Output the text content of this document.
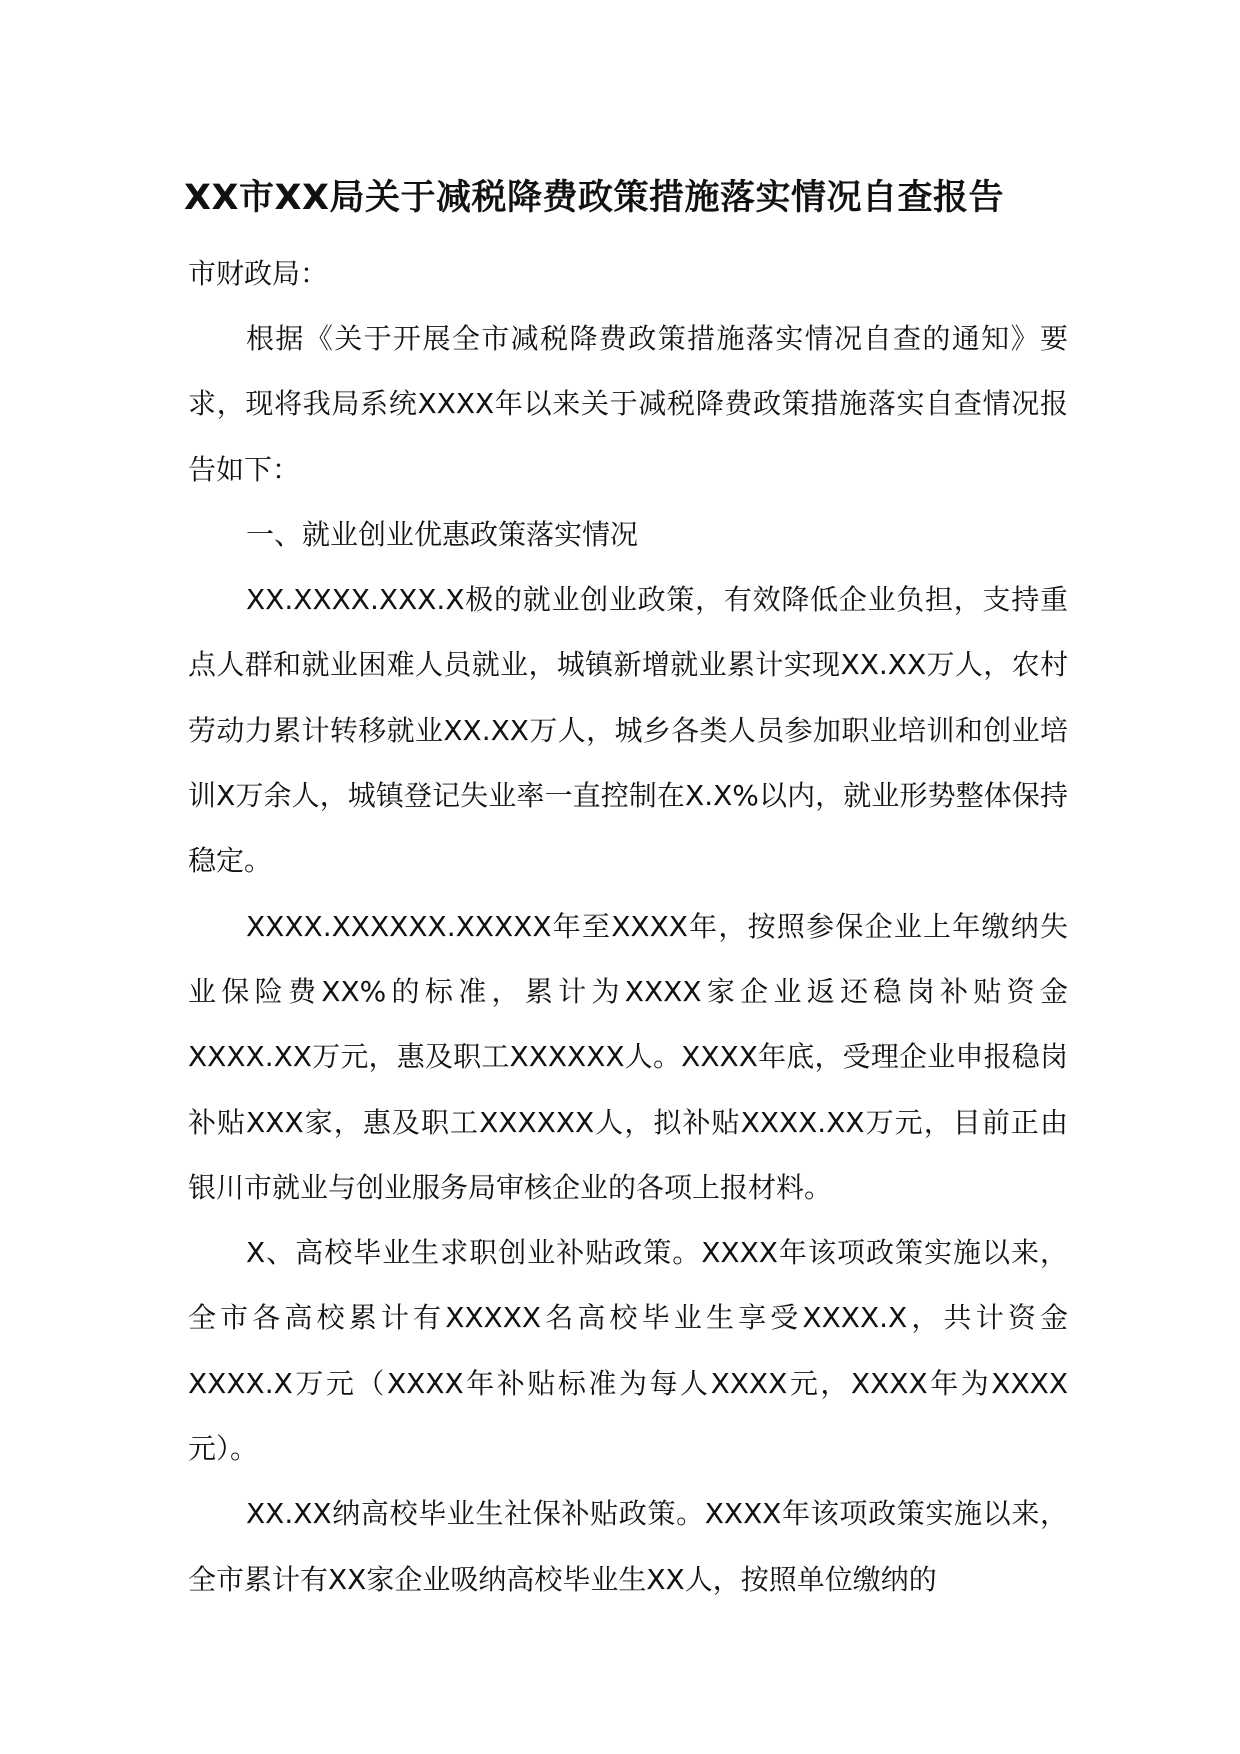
XX市XX局关于减税降费政策措施落实情况自查报告

市财政局：

根据《关于开展全市减税降费政策措施落实情况自查的通知》要求，现将我局系统XXXX年以来关于减税降费政策措施落实自查情况报告如下：

一、就业创业优惠政策落实情况

XX.XXXX.XXX.X极的就业创业政策，有效降低企业负担，支持重点人群和就业困难人员就业，城镇新增就业累计实现XX.XX万人，农村劳动力累计转移就业XX.XX万人，城乡各类人员参加职业培训和创业培训X万余人，城镇登记失业率一直控制在X.X%以内，就业形势整体保持稳定。

XXXX.XXXXXX.XXXXX年至XXXX年，按照参保企业上年缴纳失业保险费XX%的标准，累计为XXXX家企业返还稳岗补贴资金XXXX.XX万元，惠及职工XXXXXX人。XXXX年底，受理企业申报稳岗补贴XXX家，惠及职工XXXXXX人，拟补贴XXXX.XX万元，目前正由银川市就业与创业服务局审核企业的各项上报材料。

X、高校毕业生求职创业补贴政策。XXXX年该项政策实施以来，全市各高校累计有XXXXX名高校毕业生享受XXXX.X，共计资金XXXX.X万元（XXXX年补贴标准为每人XXXX元，XXXX年为XXXX元）。

XX.XX纳高校毕业生社保补贴政策。XXXX年该项政策实施以来，全市累计有XX家企业吸纳高校毕业生XX人，按照单位缴纳的
